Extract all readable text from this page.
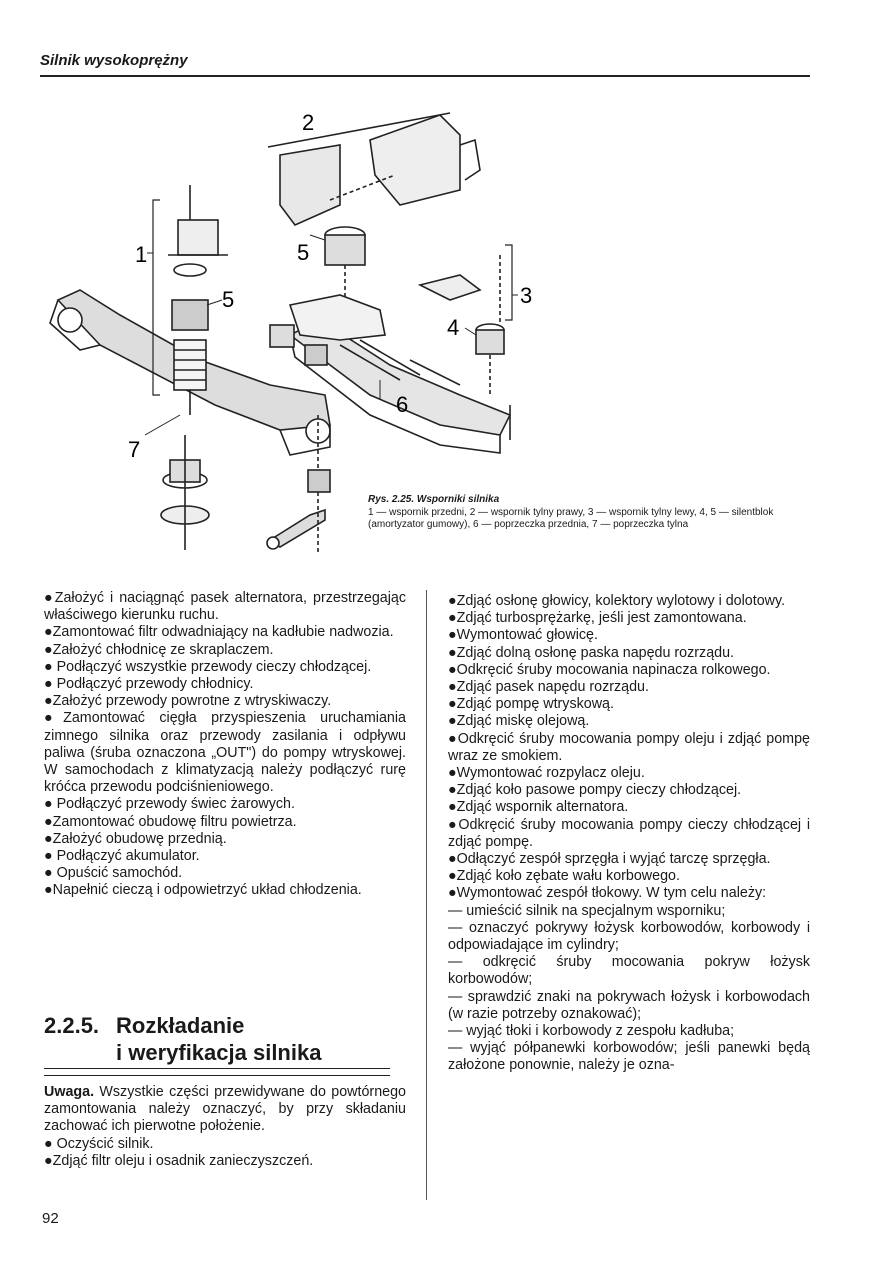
Silnik wysokoprężny
2
1
5
5
3
4
6
7
Rys. 2.25. Wsporniki silnika
1 — wspornik przedni, 2 — wspornik tylny prawy, 3 — wspornik tylny lewy, 4, 5 — silentblok (amortyzator gumowy), 6 — poprzeczka przednia, 7 — poprzeczka tylna

●Założyć i naciągnąć pasek alternatora, przestrzegając właściwego kierunku ruchu.

●Zamontować filtr odwadniający na kadłubie nadwozia.

●Założyć chłodnicę ze skraplaczem.

● Podłączyć wszystkie przewody cieczy chłodzącej.

● Podłączyć przewody chłodnicy.

●Założyć przewody powrotne z wtryskiwaczy.

●Zamontować cięgła przyspieszenia uruchamiania zimnego silnika oraz przewody zasilania i odpływu paliwa (śruba oznaczona „OUT") do pompy wtryskowej. W samochodach z klimatyzacją należy podłączyć rurę króćca przewodu podciśnieniowego.

● Podłączyć przewody świec żarowych.

●Zamontować obudowę filtru powietrza.

●Założyć obudowę przednią.

● Podłączyć akumulator.

● Opuścić samochód.

●Napełnić cieczą i odpowietrzyć układ chłodzenia.

2.2.5. Rozkładanie
i weryfikacja silnika

Uwaga. Wszystkie części przewidywane do powtórnego zamontowania należy oznaczyć, by przy składaniu zachować ich pierwotne położenie.

● Oczyścić silnik.

●Zdjąć filtr oleju i osadnik zanieczyszczeń.

●Zdjąć osłonę głowicy, kolektory wylotowy i dolotowy.

●Zdjąć turbosprężarkę, jeśli jest zamontowana.

●Wymontować głowicę.

●Zdjąć dolną osłonę paska napędu rozrządu.

●Odkręcić śruby mocowania napinacza rolkowego.

●Zdjąć pasek napędu rozrządu.

●Zdjąć pompę wtryskową.

●Zdjąć miskę olejową.

●Odkręcić śruby mocowania pompy oleju i zdjąć pompę wraz ze smokiem.

●Wymontować rozpylacz oleju.

●Zdjąć koło pasowe pompy cieczy chłodzącej.

●Zdjąć wspornik alternatora.

●Odkręcić śruby mocowania pompy cieczy chłodzącej i zdjąć pompę.

●Odłączyć zespół sprzęgła i wyjąć tarczę sprzęgła.

●Zdjąć koło zębate wału korbowego.

●Wymontować zespół tłokowy. W tym celu należy:

— umieścić silnik na specjalnym wsporniku;

— oznaczyć pokrywy łożysk korbowodów, korbowody i odpowiadające im cylindry;

— odkręcić śruby mocowania pokryw łożysk korbowodów;

— sprawdzić znaki na pokrywach łożysk i korbowodach (w razie potrzeby oznakować);

— wyjąć tłoki i korbowody z zespołu kadłuba;

— wyjąć półpanewki korbowodów; jeśli panewki będą założone ponownie, należy je ozna-

92
